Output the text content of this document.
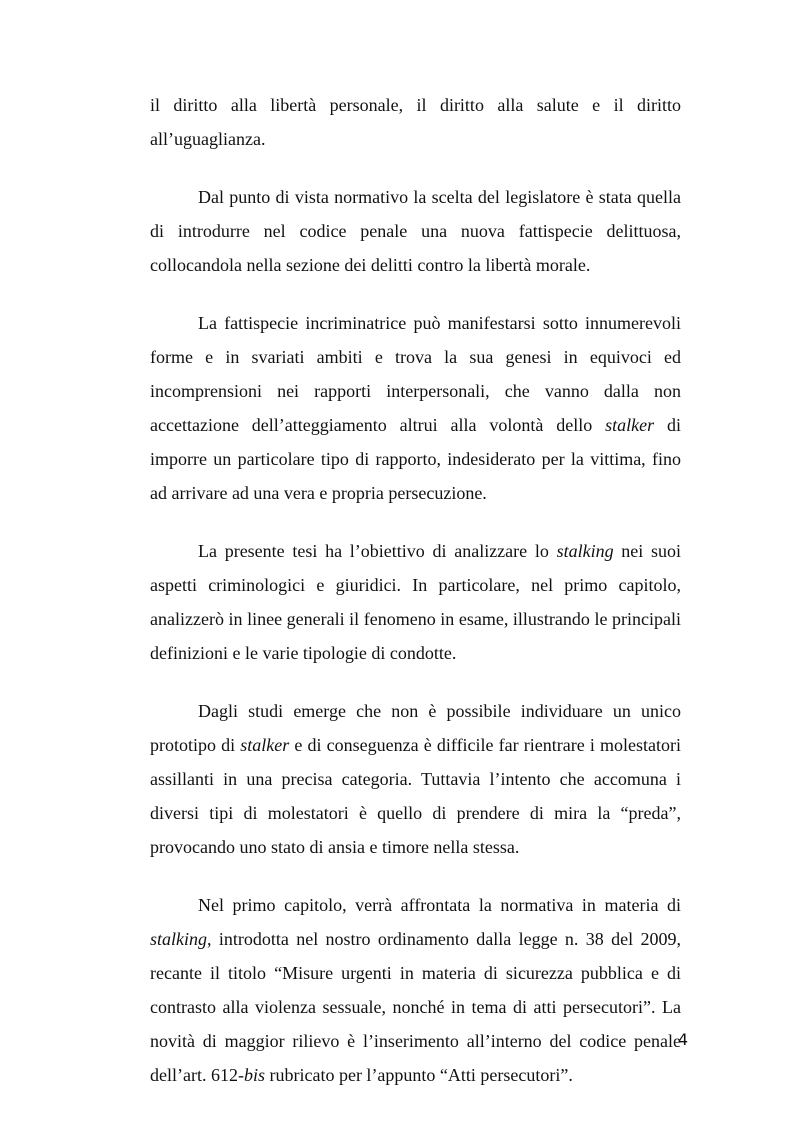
il diritto alla libertà personale, il diritto alla salute e il diritto all’uguaglianza.

Dal punto di vista normativo la scelta del legislatore è stata quella di introdurre nel codice penale una nuova fattispecie delittuosa, collocandola nella sezione dei delitti contro la libertà morale.

La fattispecie incriminatrice può manifestarsi sotto innumerevoli forme e in svariati ambiti e trova la sua genesi in equivoci ed incomprensioni nei rapporti interpersonali, che vanno dalla non accettazione dell’atteggiamento altrui alla volontà dello stalker di imporre un particolare tipo di rapporto, indesiderato per la vittima, fino ad arrivare ad una vera e propria persecuzione.

La presente tesi ha l’obiettivo di analizzare lo stalking nei suoi aspetti criminologici e giuridici. In particolare, nel primo capitolo, analizzerò in linee generali il fenomeno in esame, illustrando le principali definizioni e le varie tipologie di condotte.

Dagli studi emerge che non è possibile individuare un unico prototipo di stalker e di conseguenza è difficile far rientrare i molestatori assillanti in una precisa categoria. Tuttavia l’intento che accomuna i diversi tipi di molestatori è quello di prendere di mira la “preda”, provocando uno stato di ansia e timore nella stessa.

Nel primo capitolo, verrà affrontata la normativa in materia di stalking, introdotta nel nostro ordinamento dalla legge n. 38 del 2009, recante il titolo “Misure urgenti in materia di sicurezza pubblica e di contrasto alla violenza sessuale, nonché in tema di atti persecutori”. La novità di maggior rilievo è l’inserimento all’interno del codice penale dell’art. 612-bis rubricato per l’appunto “Atti persecutori”.

4
